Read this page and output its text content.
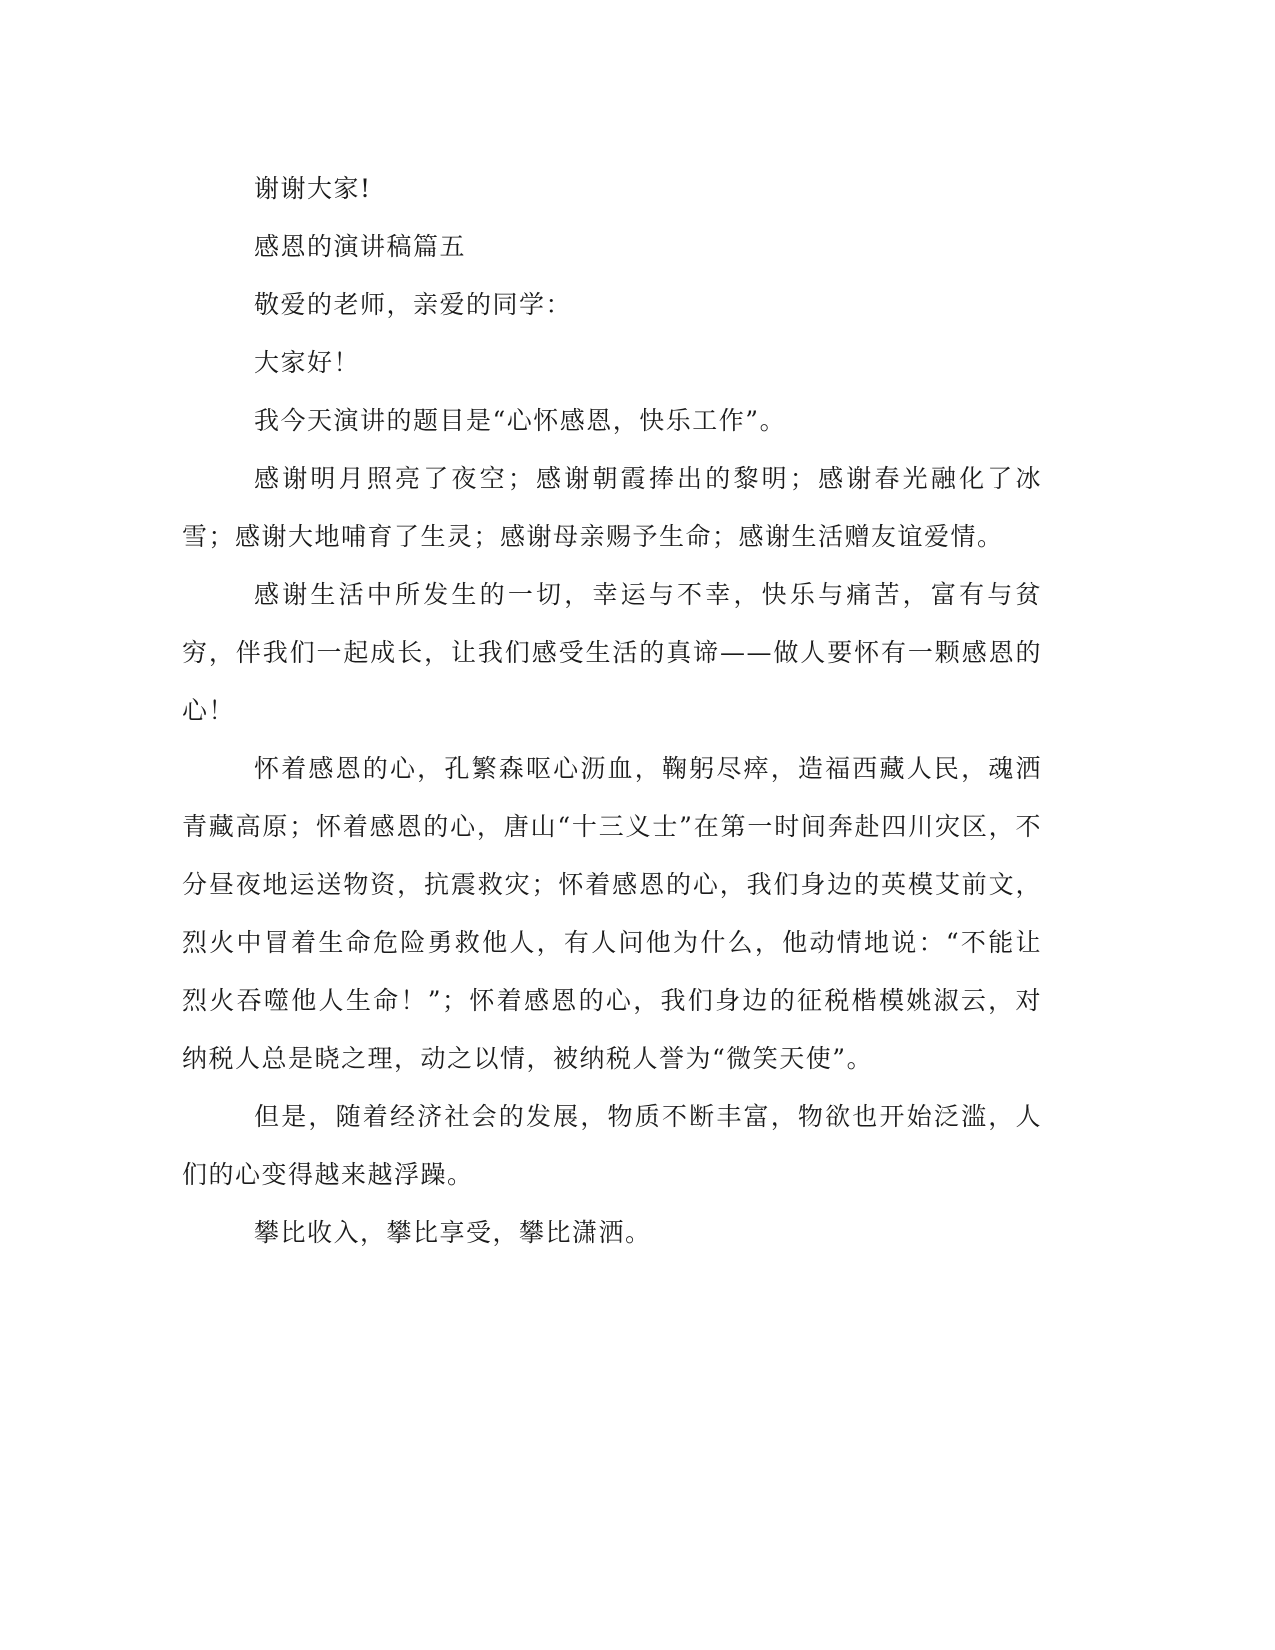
谢谢大家!

感恩的演讲稿篇五

敬爱的老师，亲爱的同学：

大家好！

我今天演讲的题目是“心怀感恩，快乐工作”。

感谢明月照亮了夜空；感谢朝霞捧出的黎明；感谢春光融化了冰雪；感谢大地哺育了生灵；感谢母亲赐予生命；感谢生活赠友谊爱情。

感谢生活中所发生的一切，幸运与不幸，快乐与痛苦，富有与贫穷，伴我们一起成长，让我们感受生活的真谛——做人要怀有一颗感恩的心！

怀着感恩的心，孔繁森呕心沥血，鞠躬尽瘁，造福西藏人民，魂洒青藏高原；怀着感恩的心，唐山“十三义士”在第一时间奔赴四川灾区，不分昼夜地运送物资，抗震救灾；怀着感恩的心，我们身边的英模艾前文，烈火中冒着生命危险勇救他人，有人问他为什么，他动情地说：“不能让烈火吞噬他人生命！”；怀着感恩的心，我们身边的征税楷模姚淑云，对纳税人总是晓之理，动之以情，被纳税人誉为“微笑天使”。

但是，随着经济社会的发展，物质不断丰富，物欲也开始泛滥，人们的心变得越来越浮躁。

攀比收入，攀比享受，攀比潇洒。
